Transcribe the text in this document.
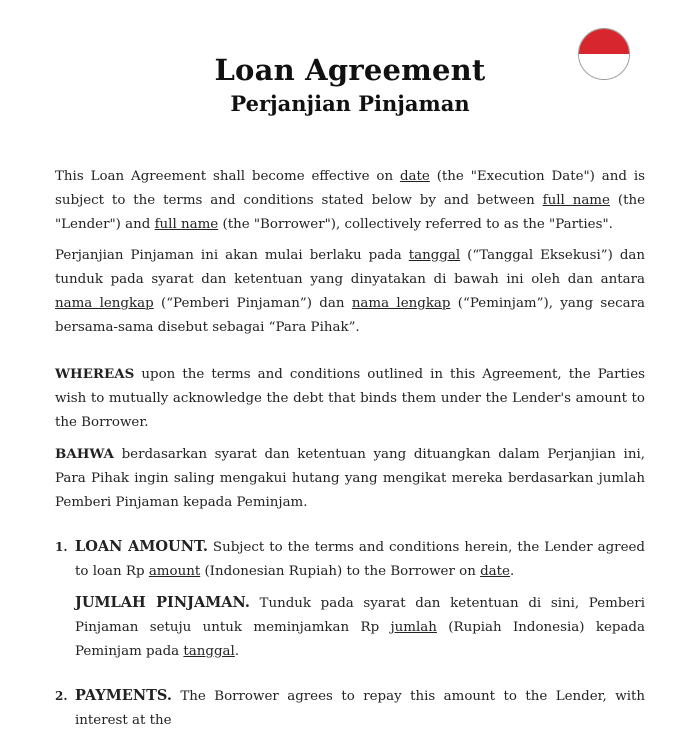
Loan Agreement
Perjanjian Pinjaman

This Loan Agreement shall become effective on date (the "Execution Date") and is subject to the terms and conditions stated below by and between full name (the "Lender") and full name (the "Borrower"), collectively referred to as the "Parties".

Perjanjian Pinjaman ini akan mulai berlaku pada tanggal (“Tanggal Eksekusi”) dan tunduk pada syarat dan ketentuan yang dinyatakan di bawah ini oleh dan antara nama lengkap (“Pemberi Pinjaman”) dan nama lengkap (“Peminjam”), yang secara bersama-sama disebut sebagai “Para Pihak”.

WHEREAS upon the terms and conditions outlined in this Agreement, the Parties wish to mutually acknowledge the debt that binds them under the Lender's amount to the Borrower.

BAHWA berdasarkan syarat dan ketentuan yang dituangkan dalam Perjanjian ini, Para Pihak ingin saling mengakui hutang yang mengikat mereka berdasarkan jumlah Pemberi Pinjaman kepada Peminjam.

1. LOAN AMOUNT. Subject to the terms and conditions herein, the Lender agreed to loan Rp amount (Indonesian Rupiah) to the Borrower on date.

JUMLAH PINJAMAN. Tunduk pada syarat dan ketentuan di sini, Pemberi Pinjaman setuju untuk meminjamkan Rp jumlah (Rupiah Indonesia) kepada Peminjam pada tanggal.

2. PAYMENTS. The Borrower agrees to repay this amount to the Lender, with interest at the
